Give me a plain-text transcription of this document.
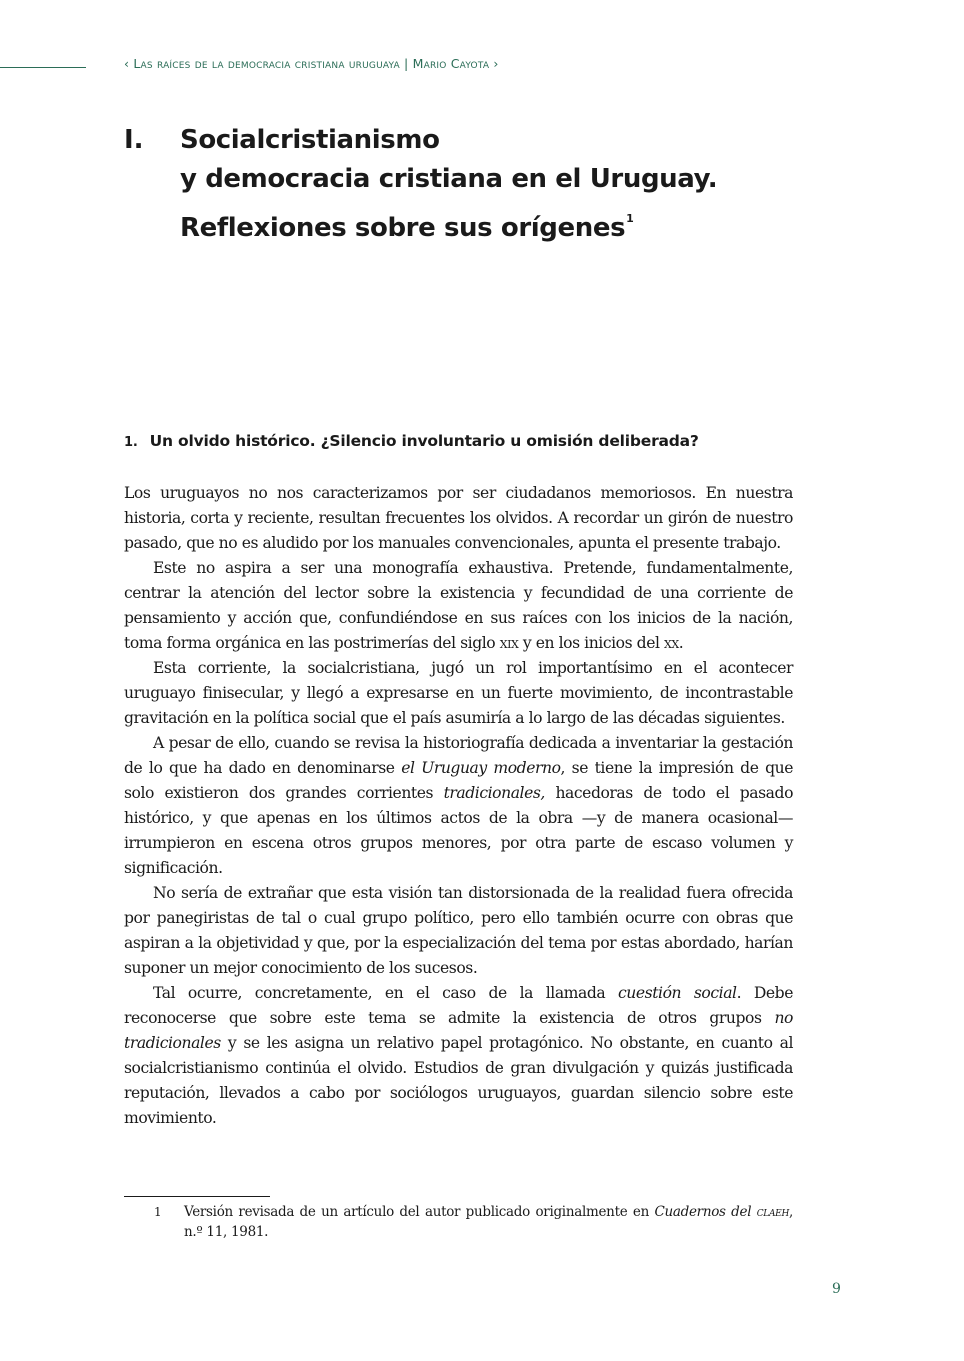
‹ Las raíces de la democracia cristiana uruguaya | Mario Cayota ›
I. Socialcristianismo
y democracia cristiana en el Uruguay.
Reflexiones sobre sus orígenes$^1$
1. Un olvido histórico. ¿Silencio involuntario u omisión deliberada?

Los uruguayos no nos caracterizamos por ser ciudadanos memoriosos. En nuestra historia, corta y reciente, resultan frecuentes los olvidos. A recordar un girón de nuestro pasado, que no es aludido por los manuales convencionales, apunta el presente trabajo.

Este no aspira a ser una monografía exhaustiva. Pretende, fundamentalmente, centrar la atención del lector sobre la existencia y fecundidad de una corriente de pensamiento y acción que, confundiéndose en sus raíces con los inicios de la nación, toma forma orgánica en las postrimerías del siglo xix y en los inicios del xx.

Esta corriente, la socialcristiana, jugó un rol importantísimo en el acontecer uruguayo finisecular, y llegó a expresarse en un fuerte movimiento, de incontrastable gravitación en la política social que el país asumiría a lo largo de las décadas siguientes.

A pesar de ello, cuando se revisa la historiografía dedicada a inventariar la gestación de lo que ha dado en denominarse el Uruguay moderno, se tiene la impresión de que solo existieron dos grandes corrientes tradicionales, hacedoras de todo el pasado histórico, y que apenas en los últimos actos de la obra —y de manera ocasional— irrumpieron en escena otros grupos menores, por otra parte de escaso volumen y significación.

No sería de extrañar que esta visión tan distorsionada de la realidad fuera ofrecida por panegiristas de tal o cual grupo político, pero ello también ocurre con obras que aspiran a la objetividad y que, por la especialización del tema por estas abordado, harían suponer un mejor conocimiento de los sucesos.

Tal ocurre, concretamente, en el caso de la llamada cuestión social. Debe reconocerse que sobre este tema se admite la existencia de otros grupos no tradicionales y se les asigna un relativo papel protagónico. No obstante, en cuanto al socialcristianismo continúa el olvido. Estudios de gran divulgación y quizás justificada reputación, llevados a cabo por sociólogos uruguayos, guardan silencio sobre este movimiento.

1 Versión revisada de un artículo del autor publicado originalmente en Cuadernos del claeh, n.º 11, 1981.
9
